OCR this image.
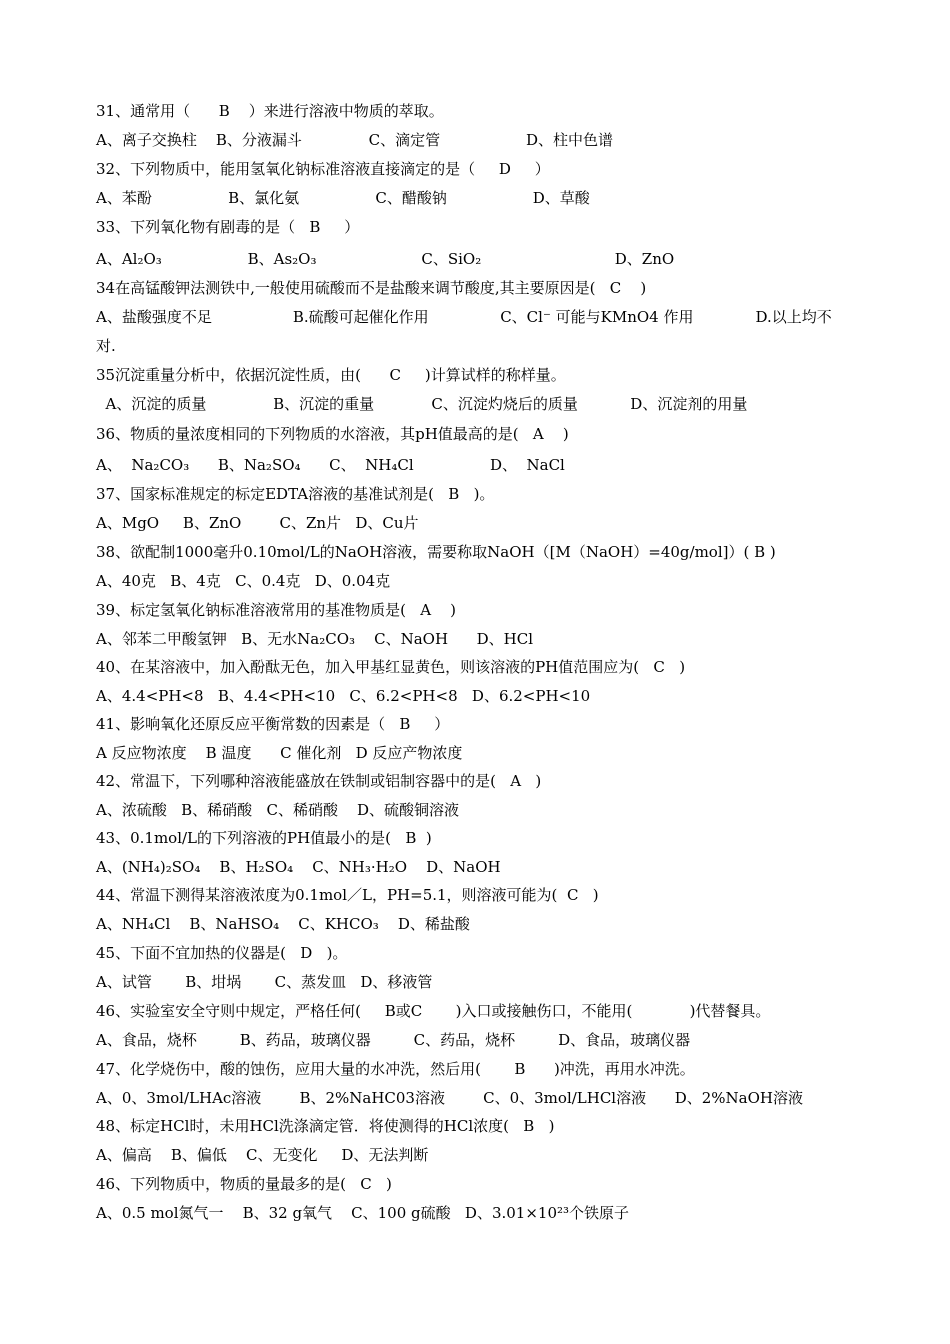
31、通常用（      B    ）来进行溶液中物质的萃取。
A、离子交换柱    B、分液漏斗              C、滴定管                  D、柱中色谱
32、下列物质中，能用氢氧化钠标准溶液直接滴定的是（     D     ）
A、苯酚                B、氯化氨                C、醋酸钠                  D、草酸
33、下列氧化物有剧毒的是（   B     ）
A、Al₂O₃                  B、As₂O₃                      C、SiO₂                            D、ZnO
34在高锰酸钾法测铁中,一般使用硫酸而不是盐酸来调节酸度,其主要原因是(   C    )
A、盐酸强度不足                 B.硫酸可起催化作用               C、Cl⁻ 可能与KMnO4 作用             D.以上均不
对.
35沉淀重量分析中，依据沉淀性质，由(      C     )计算试样的称样量。
A、沉淀的质量              B、沉淀的重量            C、沉淀灼烧后的质量           D、沉淀剂的用量
36、物质的量浓度相同的下列物质的水溶液，其pH值最高的是(   A    )
A、  Na₂CO₃      B、Na₂SO₄      C、  NH₄Cl                D、  NaCl
37、国家标准规定的标定EDTA溶液的基准试剂是(   B   )。
A、MgO     B、ZnO        C、Zn片   D、Cu片
38、欲配制1000毫升0.10mol/L的NaOH溶液，需要称取NaOH（[M（NaOH）=40g/mol]）( B )
A、40克   B、4克   C、0.4克   D、0.04克
39、标定氢氧化钠标准溶液常用的基准物质是(   A    )
A、邻苯二甲酸氢钾   B、无水Na₂CO₃    C、NaOH      D、HCl
40、在某溶液中，加入酚酞无色，加入甲基红显黄色，则该溶液的PH值范围应为(   C   )
A、4.4<PH<8   B、4.4<PH<10   C、6.2<PH<8   D、6.2<PH<10
41、影响氧化还原反应平衡常数的因素是（   B     ）
A 反应物浓度    B 温度      C 催化剂   D 反应产物浓度
42、常温下，下列哪种溶液能盛放在铁制或铝制容器中的是(   A   )
A、浓硫酸   B、稀硝酸   C、稀硝酸    D、硫酸铜溶液
43、0.1mol/L的下列溶液的PH值最小的是(   B  )
A、(NH₄)₂SO₄    B、H₂SO₄    C、NH₃·H₂O    D、NaOH
44、常温下测得某溶液浓度为0.1mol／L，PH=5.1，则溶液可能为(  C   )
A、NH₄Cl    B、NaHSO₄    C、KHCO₃    D、稀盐酸
45、下面不宜加热的仪器是(   D   )。
A、试管       B、坩埚       C、蒸发皿   D、移液管
46、实验室安全守则中规定，严格任何(     B或C       )入口或接触伤口，不能用(            )代替餐具。
A、食品，烧杯         B、药品，玻璃仪器         C、药品，烧杯         D、食品，玻璃仪器
47、化学烧伤中，酸的蚀伤，应用大量的水冲洗，然后用(       B      )冲洗，再用水冲洗。
A、0、3mol/LHAc溶液        B、2%NaHC03溶液        C、0、3mol/LHCl溶液      D、2%NaOH溶液
48、标定HCl时，未用HCl洗涤滴定管．将使测得的HCl浓度(   B   )
A、偏高    B、偏低    C、无变化     D、无法判断
46、下列物质中，物质的量最多的是(   C   )
A、0.5 mol氮气一    B、32 g氧气    C、100 g硫酸   D、3.01×10²³个铁原子
